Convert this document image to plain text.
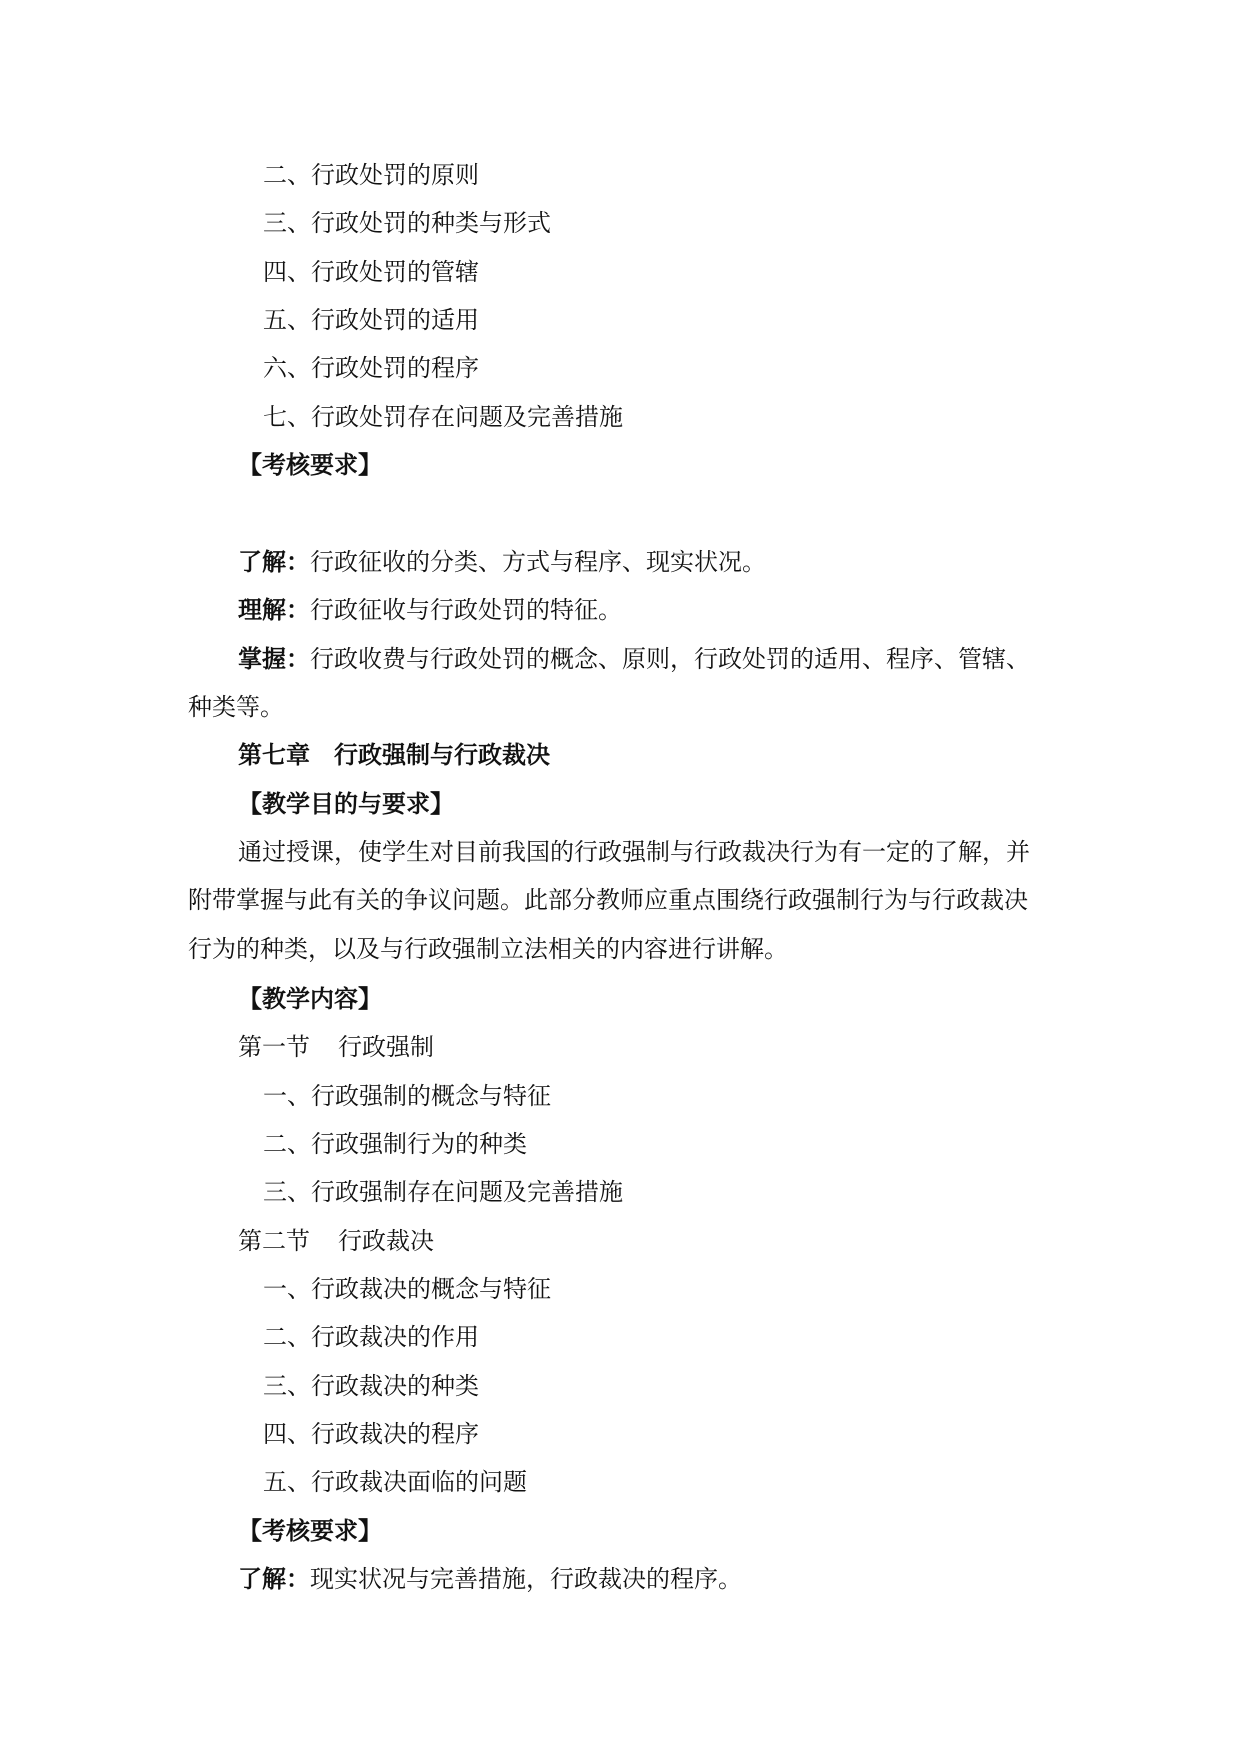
二、行政处罚的原则
三、行政处罚的种类与形式
四、行政处罚的管辖
五、行政处罚的适用
六、行政处罚的程序
七、行政处罚存在问题及完善措施
【考核要求】
了解：行政征收的分类、方式与程序、现实状况。
理解：行政征收与行政处罚的特征。
掌握：行政收费与行政处罚的概念、原则，行政处罚的适用、程序、管辖、
种类等。
第七章　行政强制与行政裁决
【教学目的与要求】
通过授课，使学生对目前我国的行政强制与行政裁决行为有一定的了解，并
附带掌握与此有关的争议问题。此部分教师应重点围绕行政强制行为与行政裁决
行为的种类，以及与行政强制立法相关的内容进行讲解。
【教学内容】
第一节 行政强制
一、行政强制的概念与特征
二、行政强制行为的种类
三、行政强制存在问题及完善措施
第二节 行政裁决
一、行政裁决的概念与特征
二、行政裁决的作用
三、行政裁决的种类
四、行政裁决的程序
五、行政裁决面临的问题
【考核要求】
了解：现实状况与完善措施，行政裁决的程序。
